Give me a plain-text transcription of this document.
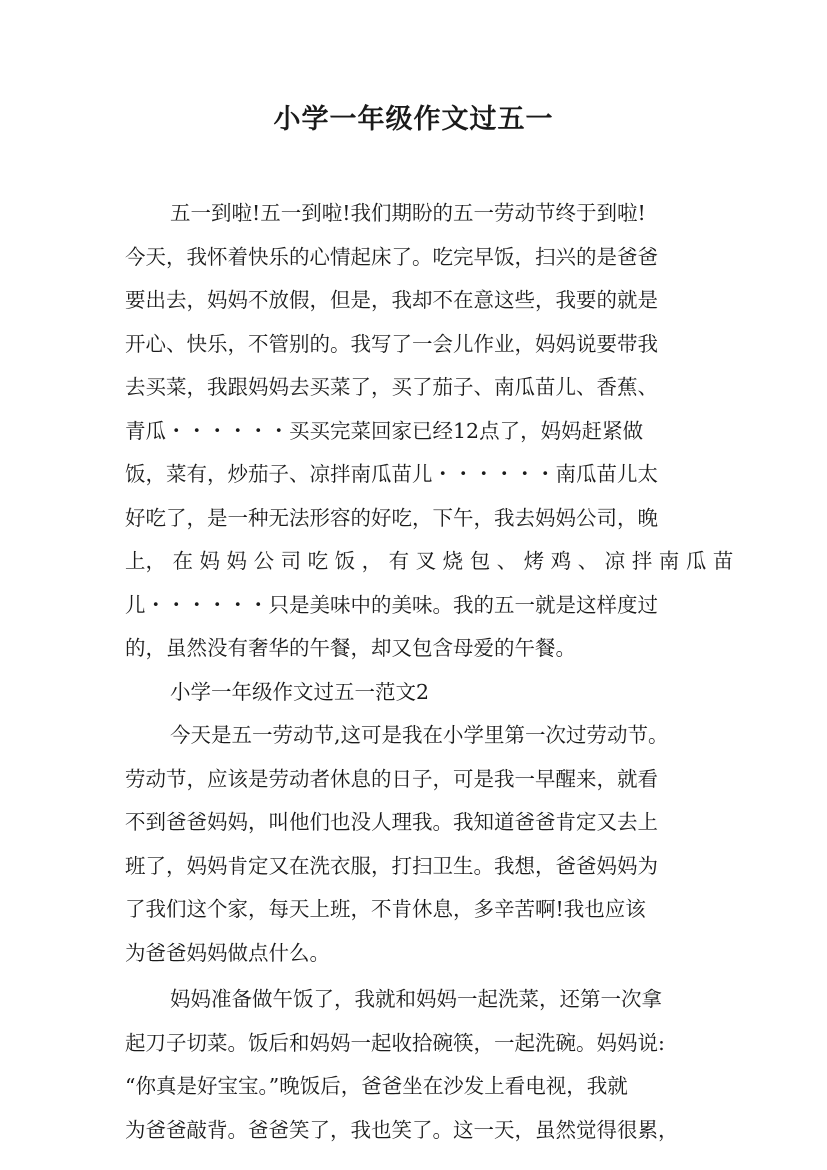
小学一年级作文过五一
五一到啦!五一到啦!我们期盼的五一劳动节终于到啦!
今天，我怀着快乐的心情起床了。吃完早饭，扫兴的是爸爸
要出去，妈妈不放假，但是，我却不在意这些，我要的就是
开心、快乐，不管别的。我写了一会儿作业，妈妈说要带我
去买菜，我跟妈妈去买菜了，买了茄子、南瓜苗儿、香蕉、
青瓜・・・・・・买买完菜回家已经12点了，妈妈赶紧做
饭，菜有，炒茄子、凉拌南瓜苗儿・・・・・・南瓜苗儿太
好吃了，是一种无法形容的好吃，下午，我去妈妈公司，晚
上， 在 妈 妈 公 司 吃 饭 ， 有 叉 烧 包 、 烤 鸡 、 凉 拌 南 瓜 苗
儿・・・・・・只是美味中的美味。我的五一就是这样度过
的，虽然没有奢华的午餐，却又包含母爱的午餐。
小学一年级作文过五一范文2
今天是五一劳动节,这可是我在小学里第一次过劳动节。
劳动节，应该是劳动者休息的日子，可是我一早醒来，就看
不到爸爸妈妈，叫他们也没人理我。我知道爸爸肯定又去上
班了，妈妈肯定又在洗衣服，打扫卫生。我想，爸爸妈妈为
了我们这个家，每天上班，不肯休息，多辛苦啊!我也应该
为爸爸妈妈做点什么。
妈妈准备做午饭了，我就和妈妈一起洗菜，还第一次拿
起刀子切菜。饭后和妈妈一起收拾碗筷，一起洗碗。妈妈说:
“你真是好宝宝。”晚饭后，爸爸坐在沙发上看电视，我就
为爸爸敲背。爸爸笑了，我也笑了。这一天，虽然觉得很累，
